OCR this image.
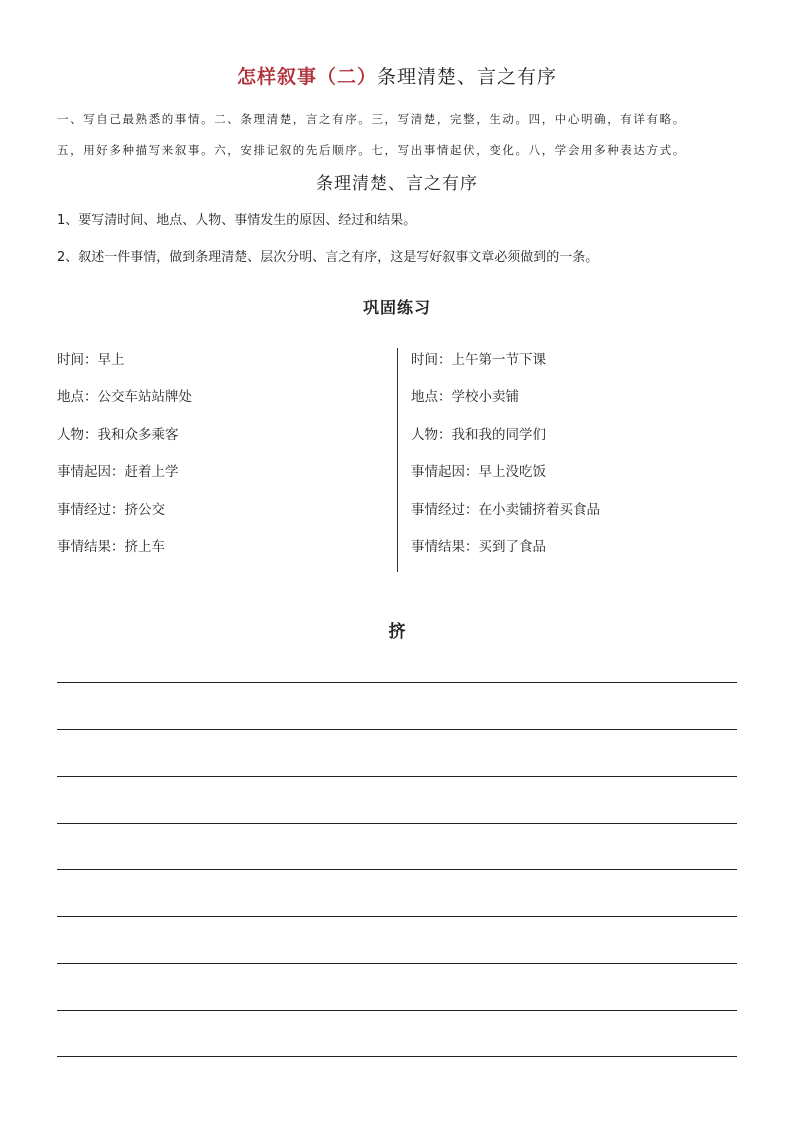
怎样叙事（二）条理清楚、言之有序
一、写自己最熟悉的事情。二、条理清楚，言之有序。三，写清楚，完整，生动。四，中心明确，有详有略。
五，用好多种描写来叙事。六，安排记叙的先后顺序。七，写出事情起伏，变化。八，学会用多种表达方式。
条理清楚、言之有序
1、要写清时间、地点、人物、事情发生的原因、经过和结果。
2、叙述一件事情，做到条理清楚、层次分明、言之有序，这是写好叙事文章必须做到的一条。
巩固练习
时间：早上
地点：公交车站站牌处
人物：我和众多乘客
事情起因：赶着上学
事情经过：挤公交
事情结果：挤上车
时间：上午第一节下课
地点：学校小卖铺
人物：我和我的同学们
事情起因：早上没吃饭
事情经过：在小卖铺挤着买食品
事情结果：买到了食品
挤
